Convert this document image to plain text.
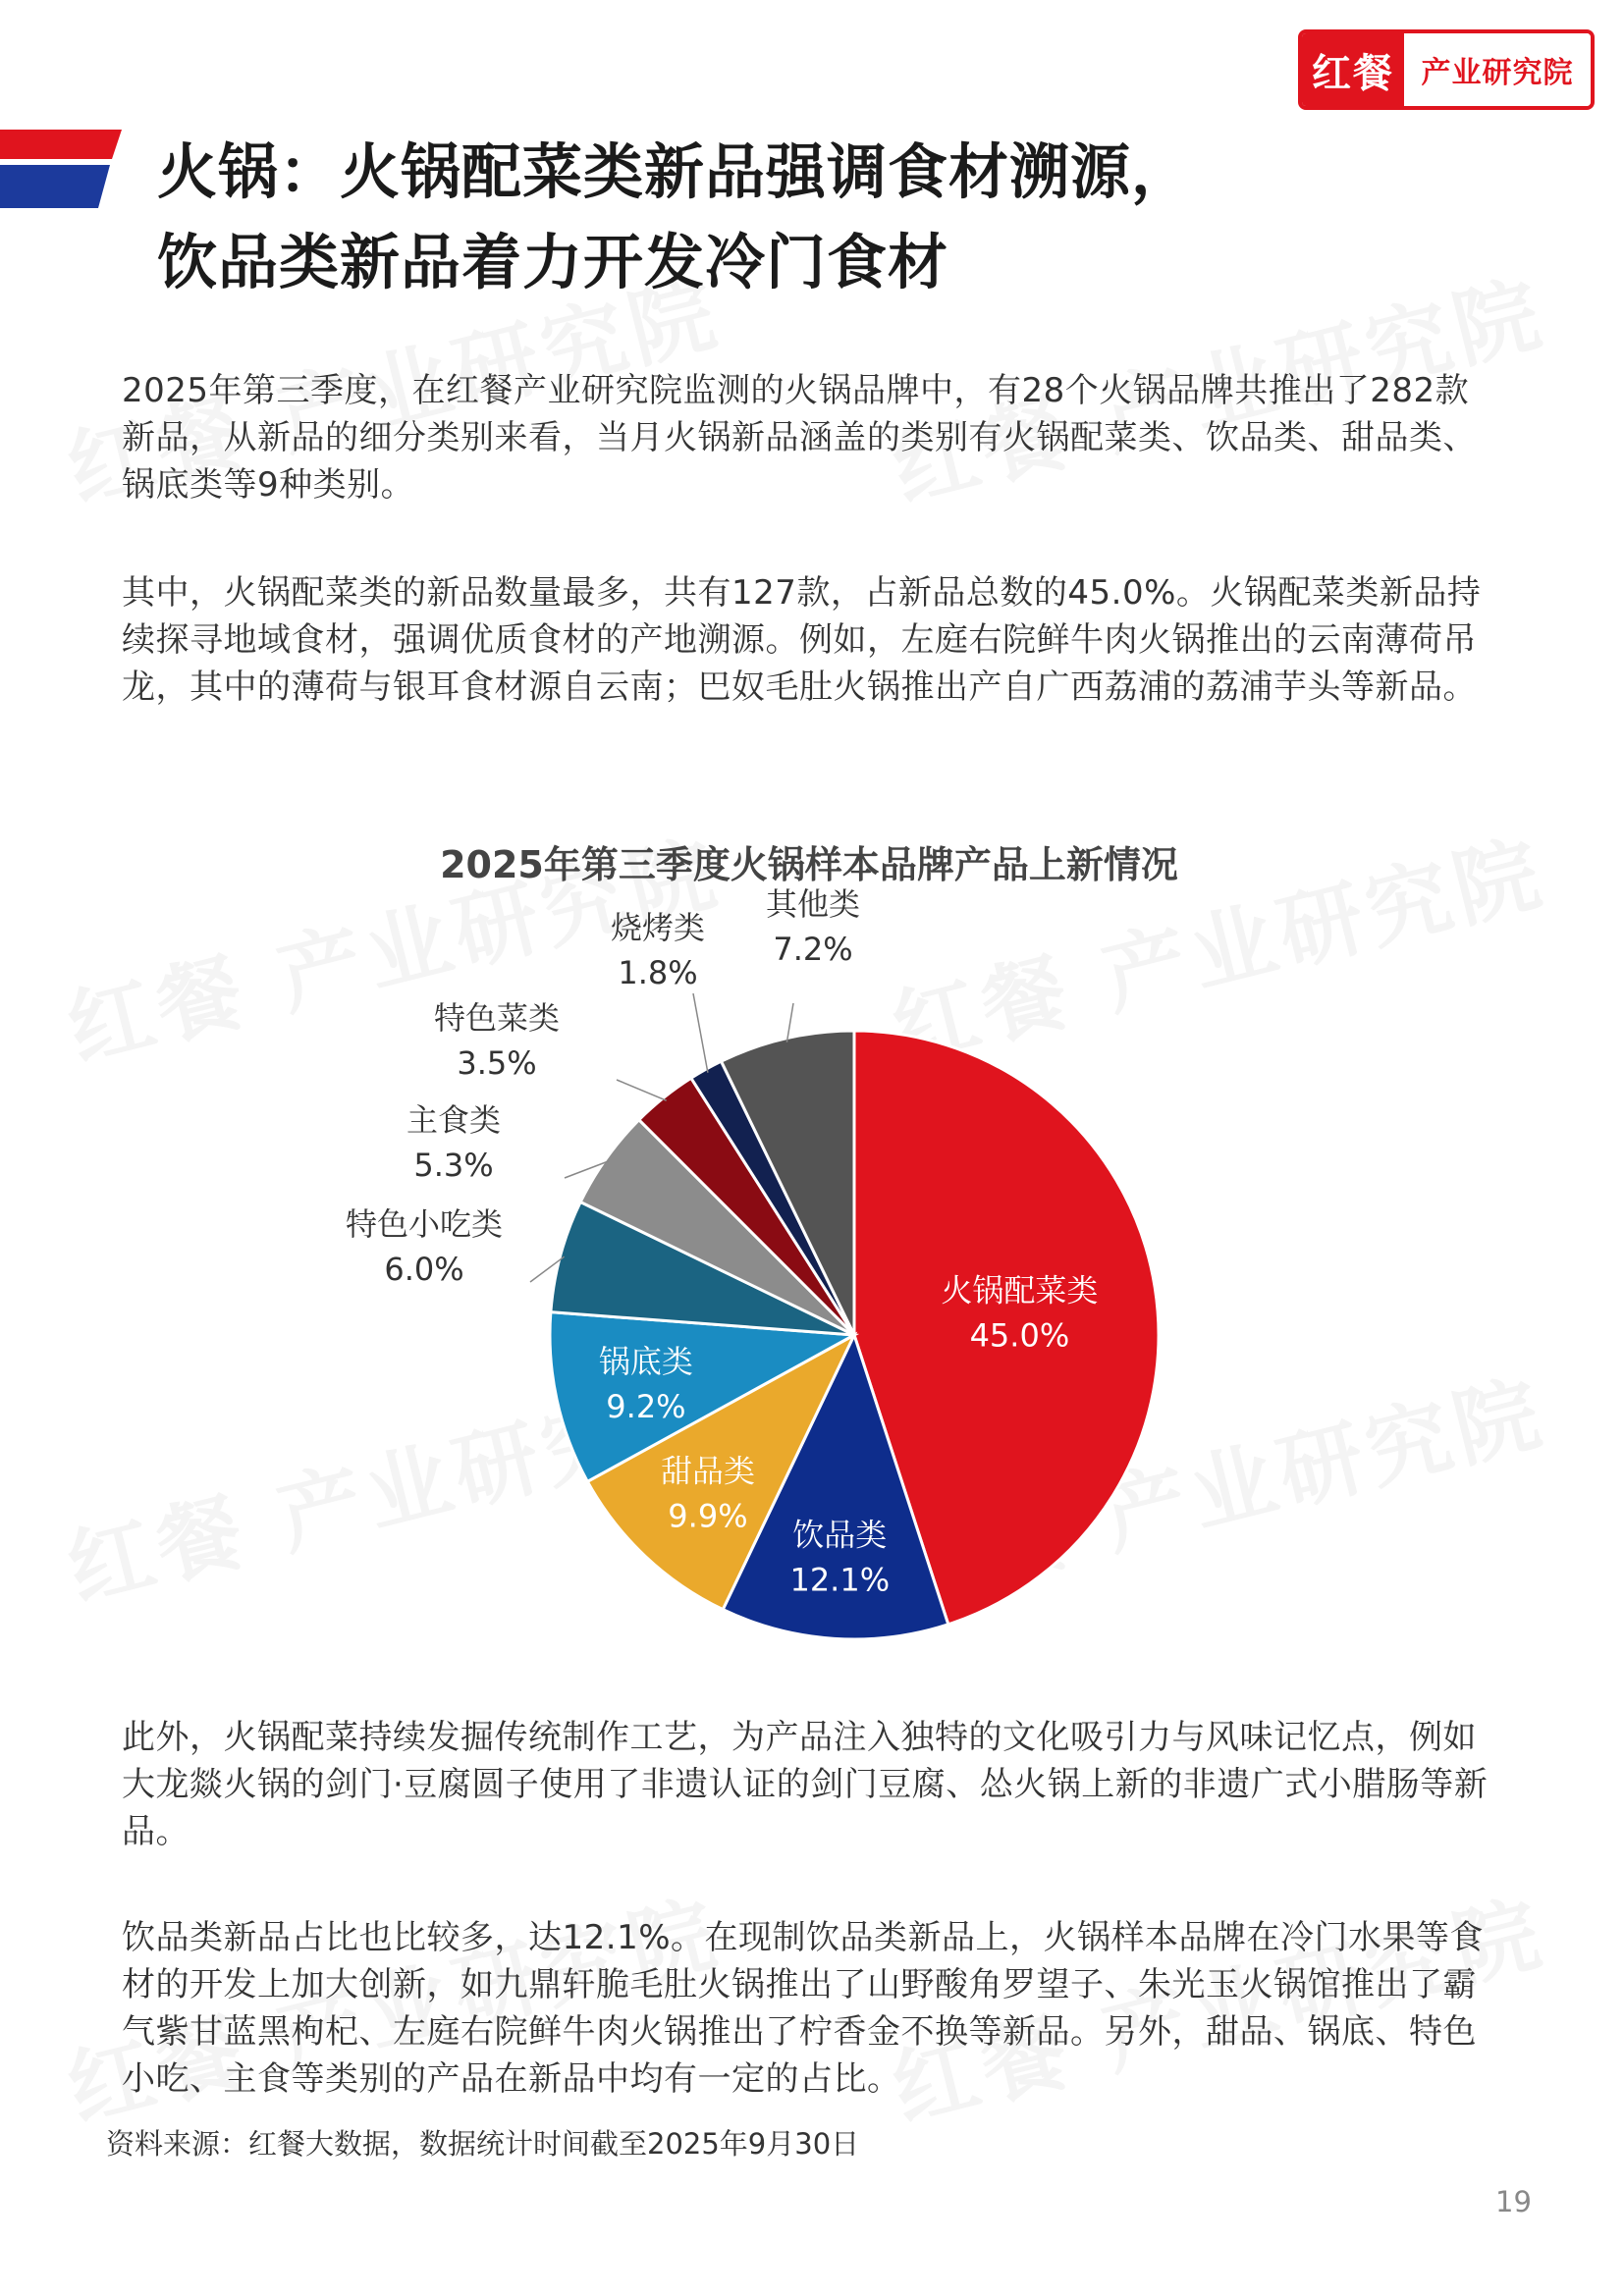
红餐 产业研究院
火锅：火锅配菜类新品强调食材溯源，
饮品类新品着力开发冷门食材
2025年第三季度，在红餐产业研究院监测的火锅品牌中，有28个火锅品牌共推出了282款新品，从新品的细分类别来看，当月火锅新品涵盖的类别有火锅配菜类、饮品类、甜品类、锅底类等9种类别。
其中，火锅配菜类的新品数量最多，共有127款，占新品总数的45.0%。火锅配菜类新品持续探寻地域食材，强调优质食材的产地溯源。例如，左庭右院鲜牛肉火锅推出的云南薄荷吊龙，其中的薄荷与银耳食材源自云南；巴奴毛肚火锅推出产自广西荔浦的荔浦芋头等新品。
2025年第三季度火锅样本品牌产品上新情况
火锅配菜类
45.0%
饮品类
12.1%
甜品类
9.9%
锅底类
9.2%
特色小吃类
6.0%
主食类
5.3%
特色菜类
3.5%
烧烤类
1.8%
其他类
7.2%
此外，火锅配菜持续发掘传统制作工艺，为产品注入独特的文化吸引力与风味记忆点，例如大龙燚火锅的剑门·豆腐圆子使用了非遗认证的剑门豆腐、怂火锅上新的非遗广式小腊肠等新品。
饮品类新品占比也比较多，达12.1%。在现制饮品类新品上，火锅样本品牌在冷门水果等食材的开发上加大创新，如九鼎轩脆毛肚火锅推出了山野酸角罗望子、朱光玉火锅馆推出了霸气紫甘蓝黑枸杞、左庭右院鲜牛肉火锅推出了柠香金不换等新品。另外，甜品、锅底、特色小吃、主食等类别的产品在新品中均有一定的占比。
资料来源：红餐大数据，数据统计时间截至2025年9月30日
19
